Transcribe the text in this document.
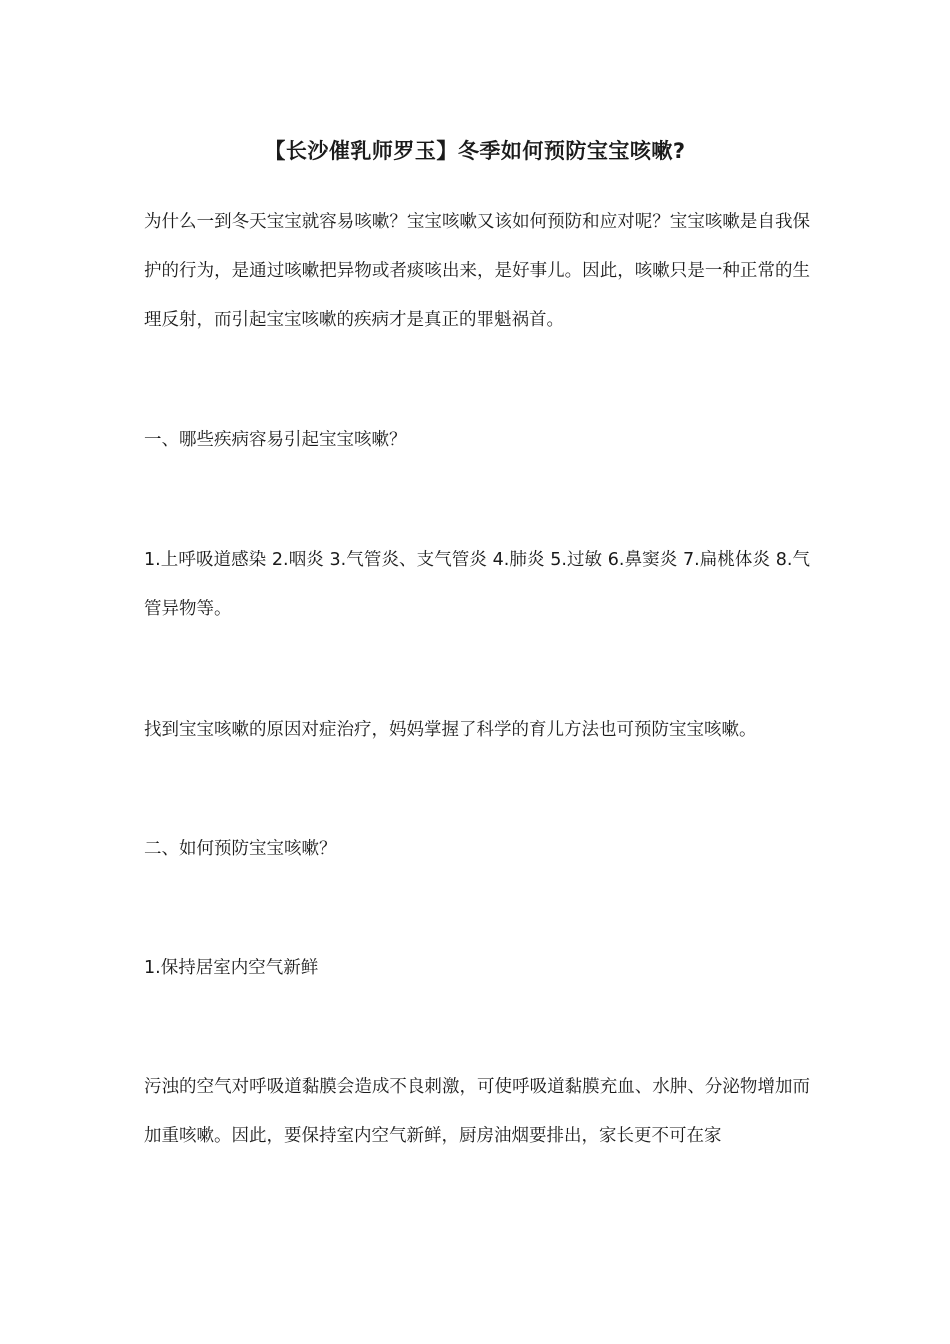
【长沙催乳师罗玉】冬季如何预防宝宝咳嗽?

为什么一到冬天宝宝就容易咳嗽？宝宝咳嗽又该如何预防和应对呢？宝宝咳嗽是自我保护的行为，是通过咳嗽把异物或者痰咳出来，是好事儿。因此，咳嗽只是一种正常的生理反射，而引起宝宝咳嗽的疾病才是真正的罪魁祸首。

一、哪些疾病容易引起宝宝咳嗽？

1.上呼吸道感染 2.咽炎 3.气管炎、支气管炎 4.肺炎 5.过敏 6.鼻窦炎 7.扁桃体炎 8.气管异物等。

找到宝宝咳嗽的原因对症治疗，妈妈掌握了科学的育儿方法也可预防宝宝咳嗽。

二、如何预防宝宝咳嗽？

1.保持居室内空气新鲜

污浊的空气对呼吸道黏膜会造成不良刺激，可使呼吸道黏膜充血、水肿、分泌物增加而加重咳嗽。因此，要保持室内空气新鲜，厨房油烟要排出，家长更不可在家
